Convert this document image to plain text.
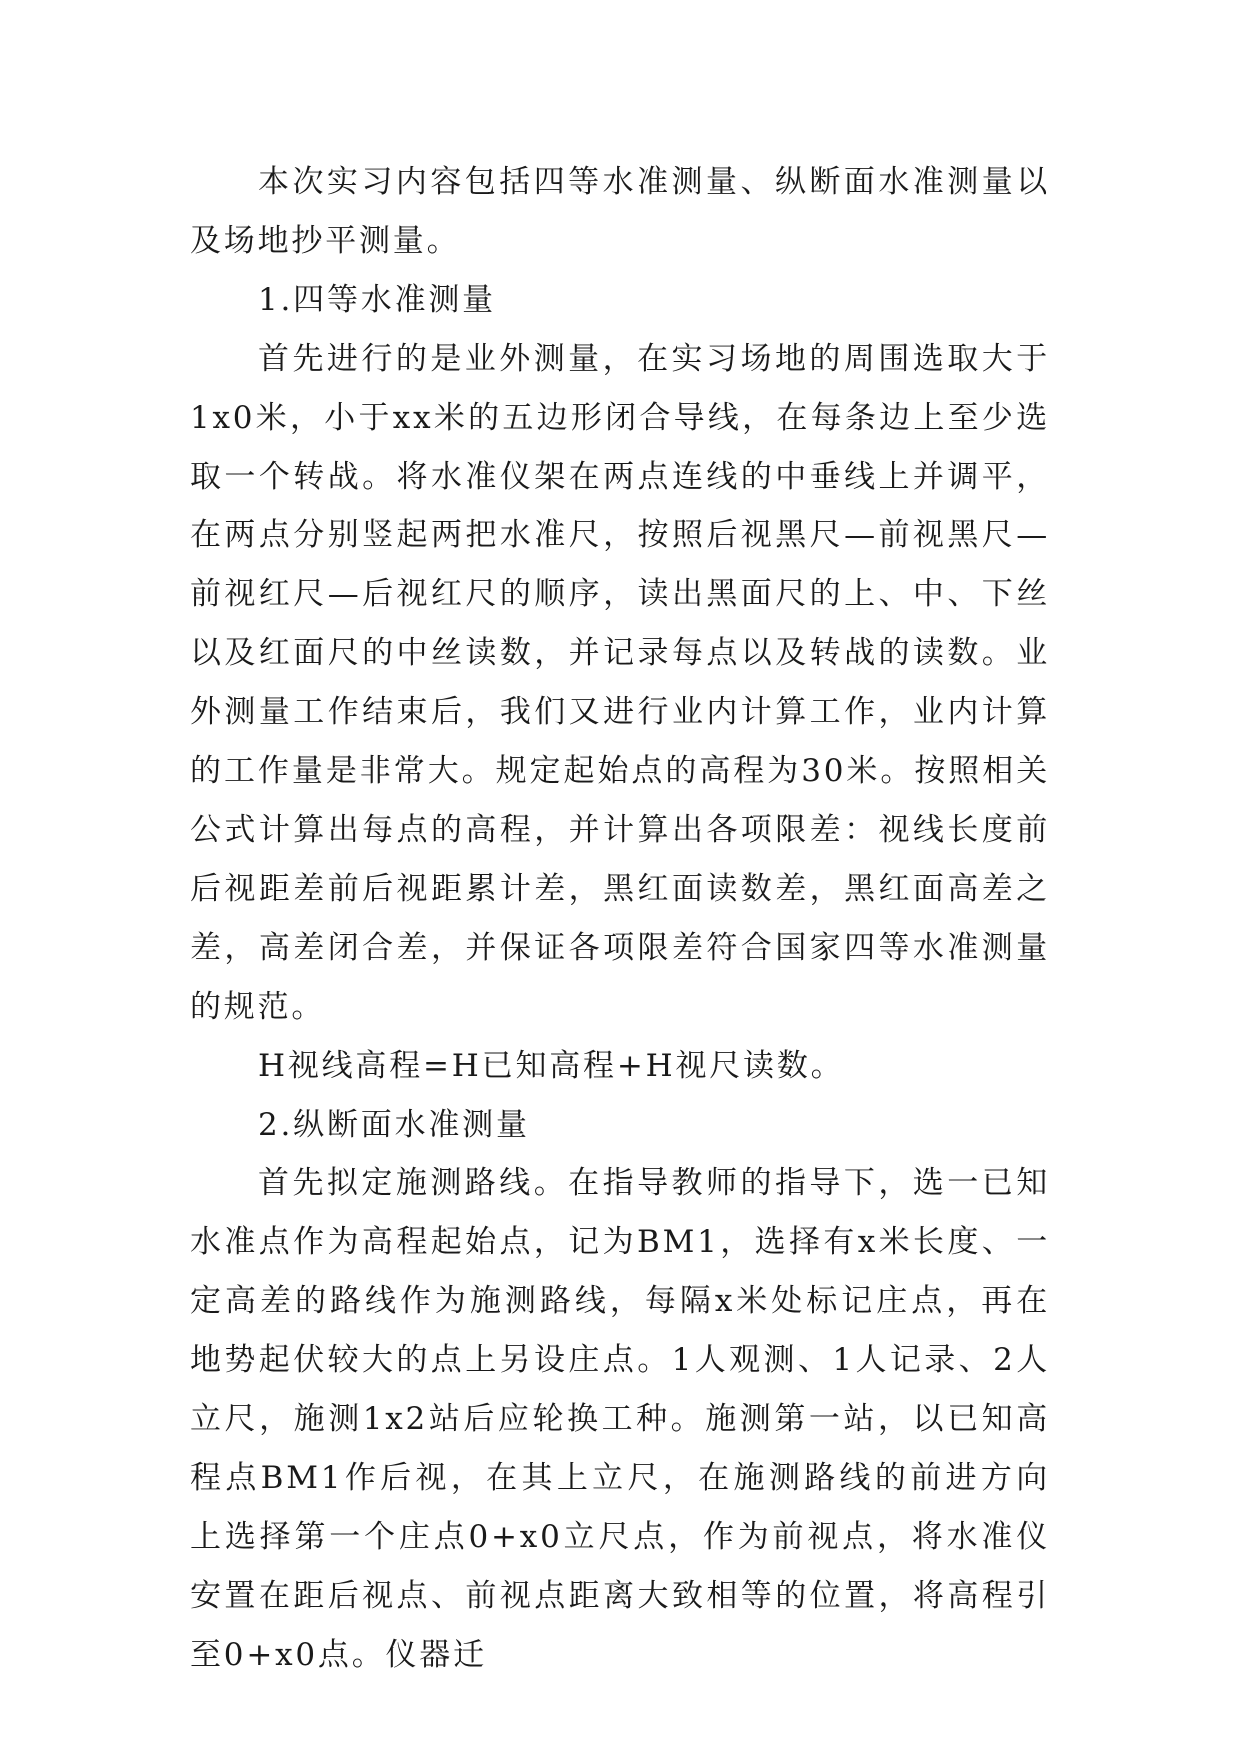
本次实习内容包括四等水准测量、纵断面水准测量以及场地抄平测量。

1.四等水准测量

首先进行的是业外测量，在实习场地的周围选取大于1x0米，小于xx米的五边形闭合导线，在每条边上至少选取一个转战。将水准仪架在两点连线的中垂线上并调平，在两点分别竖起两把水准尺，按照后视黑尺—前视黑尺—前视红尺—后视红尺的顺序，读出黑面尺的上、中、下丝以及红面尺的中丝读数，并记录每点以及转战的读数。业外测量工作结束后，我们又进行业内计算工作，业内计算的工作量是非常大。规定起始点的高程为30米。按照相关公式计算出每点的高程，并计算出各项限差：视线长度前后视距差前后视距累计差，黑红面读数差，黑红面高差之差，高差闭合差，并保证各项限差符合国家四等水准测量的规范。

H视线高程=H已知高程+H视尺读数。

2.纵断面水准测量

首先拟定施测路线。在指导教师的指导下，选一已知水准点作为高程起始点，记为BM1，选择有x米长度、一定高差的路线作为施测路线，每隔x米处标记庄点，再在地势起伏较大的点上另设庄点。1人观测、1人记录、2人立尺，施测1x2站后应轮换工种。施测第一站，以已知高程点BM1作后视，在其上立尺，在施测路线的前进方向上选择第一个庄点0+x0立尺点，作为前视点，将水准仪安置在距后视点、前视点距离大致相等的位置，将高程引至0+x0点。仪器迁
